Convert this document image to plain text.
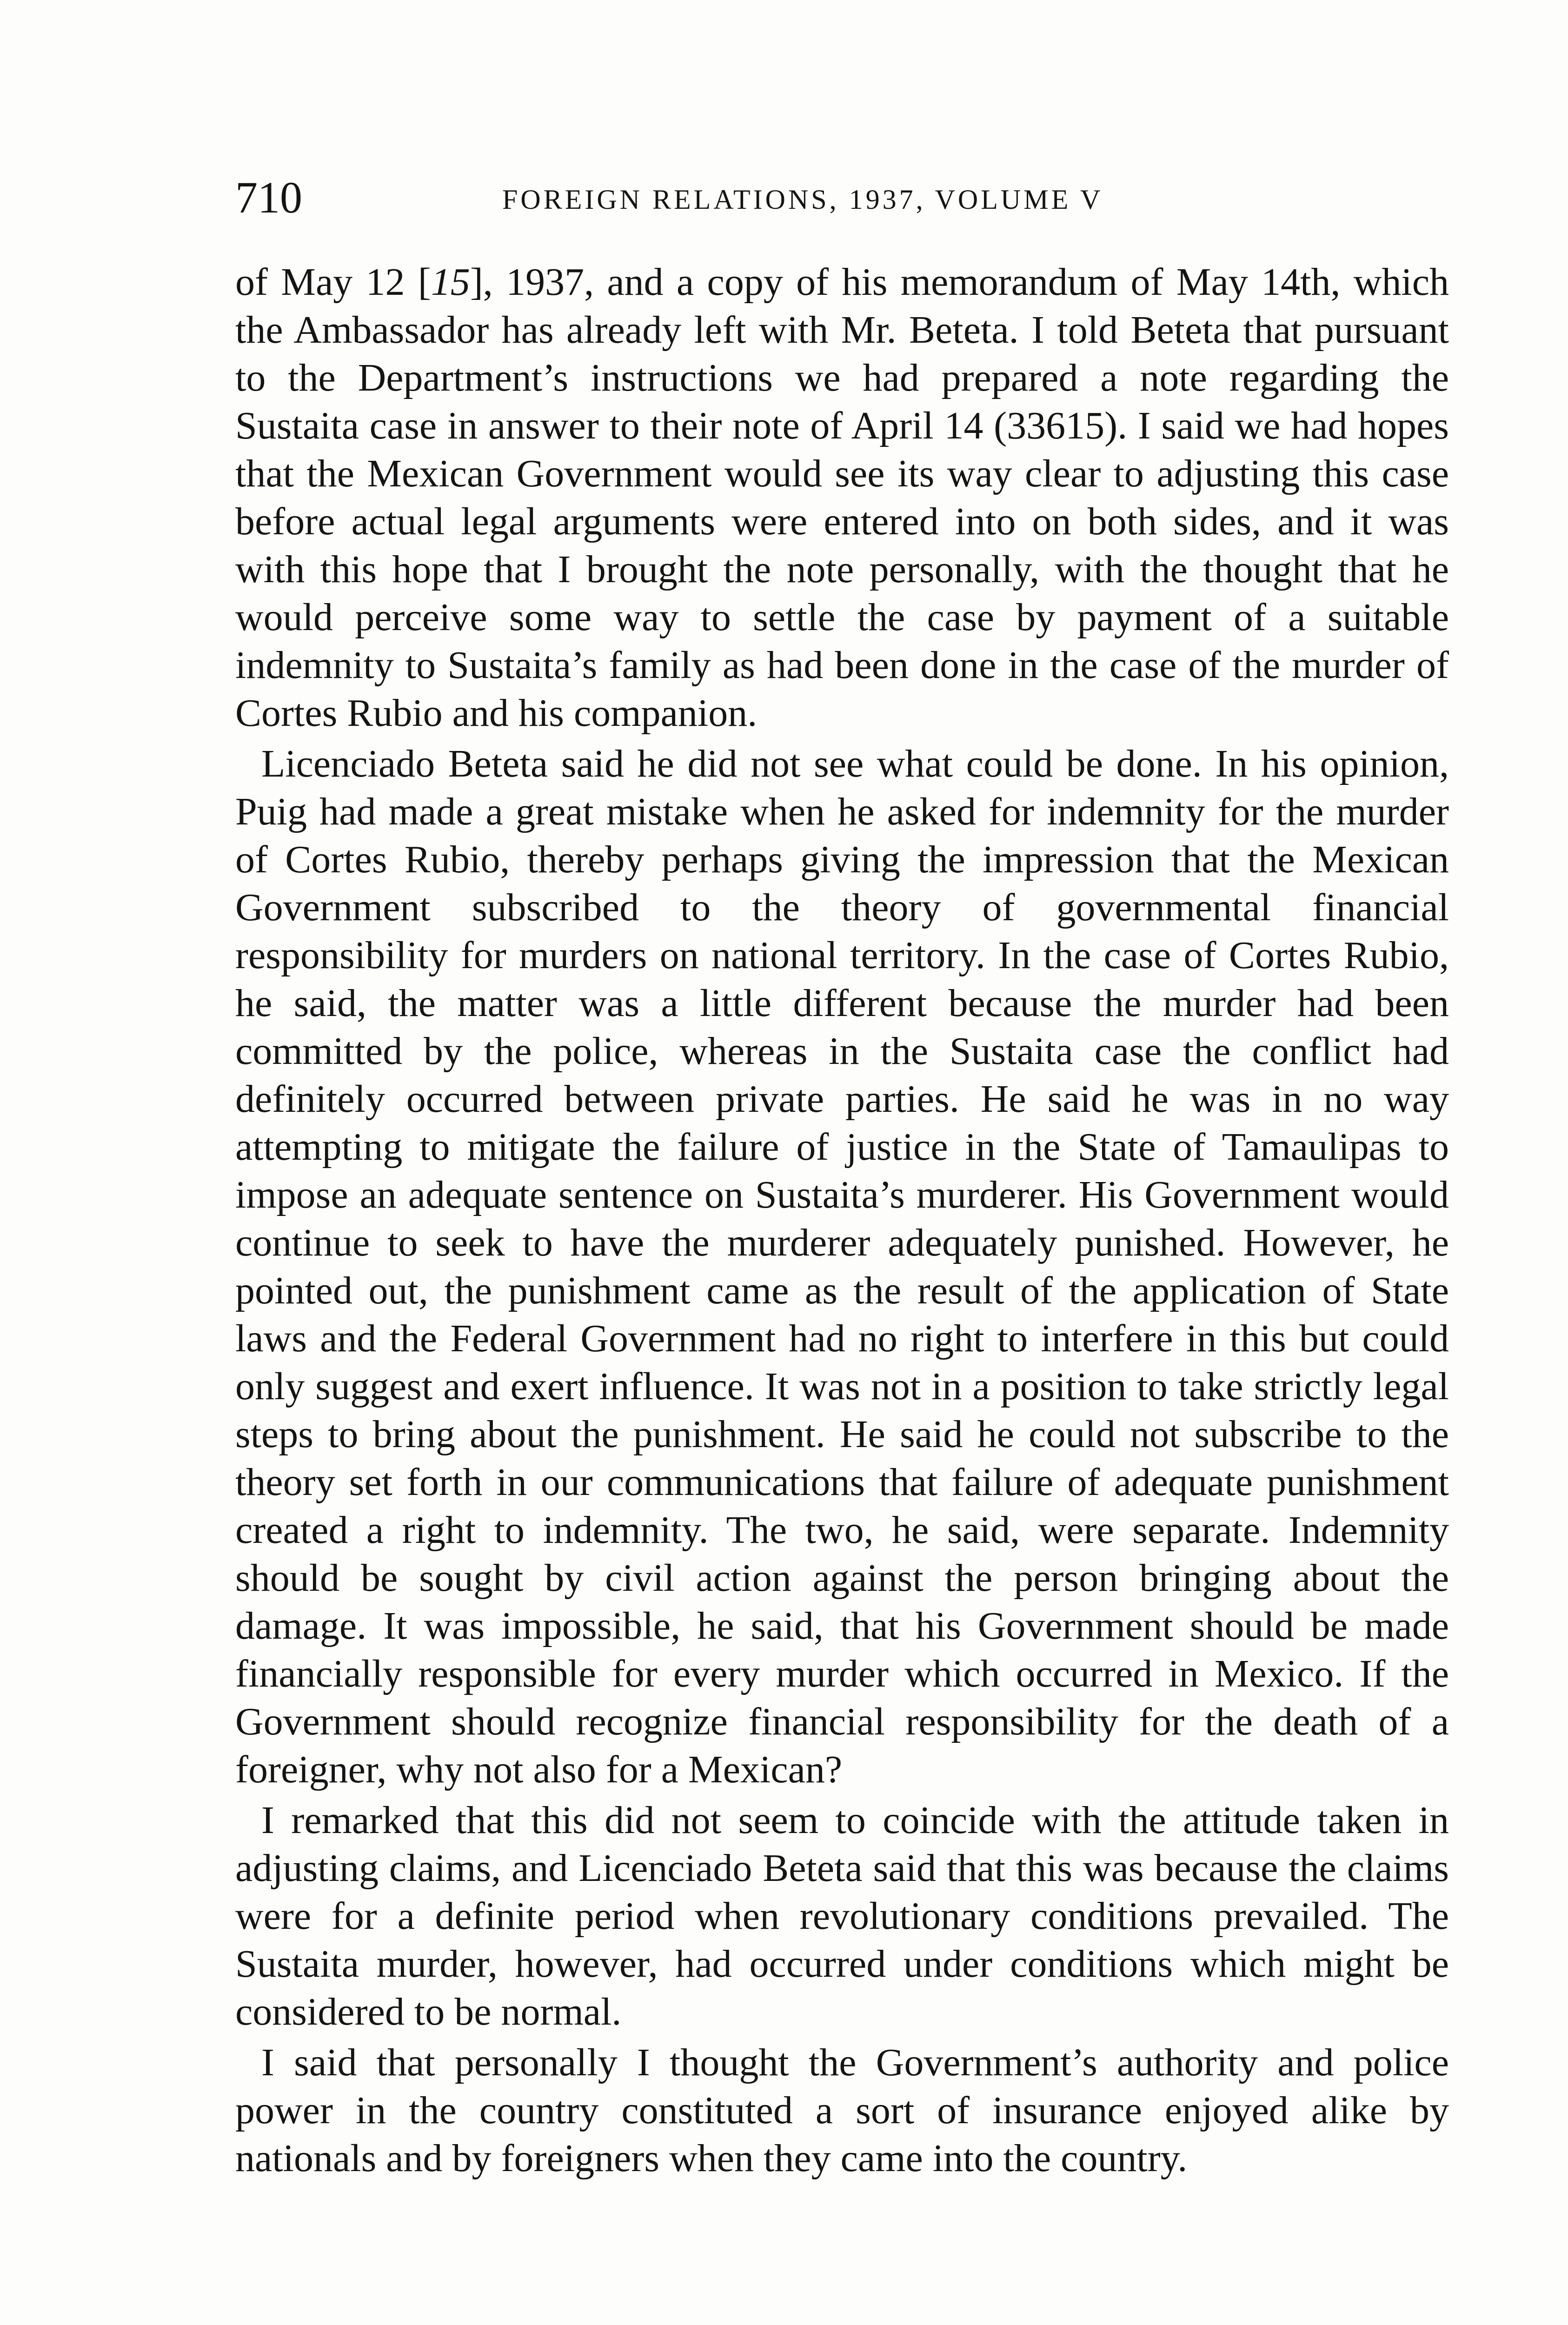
710	FOREIGN RELATIONS, 1937, VOLUME V

of May 12 [15], 1937, and a copy of his memorandum of May 14th, which the Ambassador has already left with Mr. Beteta. I told Beteta that pursuant to the Department’s instructions we had prepared a note regarding the Sustaita case in answer to their note of April 14 (33615). I said we had hopes that the Mexican Government would see its way clear to adjusting this case before actual legal arguments were entered into on both sides, and it was with this hope that I brought the note personally, with the thought that he would perceive some way to settle the case by payment of a suitable indemnity to Sustaita’s family as had been done in the case of the murder of Cortes Rubio and his companion.

Licenciado Beteta said he did not see what could be done. In his opinion, Puig had made a great mistake when he asked for indemnity for the murder of Cortes Rubio, thereby perhaps giving the impression that the Mexican Government subscribed to the theory of governmental financial responsibility for murders on national territory. In the case of Cortes Rubio, he said, the matter was a little different because the murder had been committed by the police, whereas in the Sustaita case the conflict had definitely occurred between private parties. He said he was in no way attempting to mitigate the failure of justice in the State of Tamaulipas to impose an adequate sentence on Sustaita’s murderer. His Government would continue to seek to have the murderer adequately punished. However, he pointed out, the punishment came as the result of the application of State laws and the Federal Government had no right to interfere in this but could only suggest and exert influence. It was not in a position to take strictly legal steps to bring about the punishment. He said he could not subscribe to the theory set forth in our communications that failure of adequate punishment created a right to indemnity. The two, he said, were separate. Indemnity should be sought by civil action against the person bringing about the damage. It was impossible, he said, that his Government should be made financially responsible for every murder which occurred in Mexico. If the Government should recognize financial responsibility for the death of a foreigner, why not also for a Mexican?

I remarked that this did not seem to coincide with the attitude taken in adjusting claims, and Licenciado Beteta said that this was because the claims were for a definite period when revolutionary conditions prevailed. The Sustaita murder, however, had occurred under conditions which might be considered to be normal.

I said that personally I thought the Government’s authority and police power in the country constituted a sort of insurance enjoyed alike by nationals and by foreigners when they came into the country.
